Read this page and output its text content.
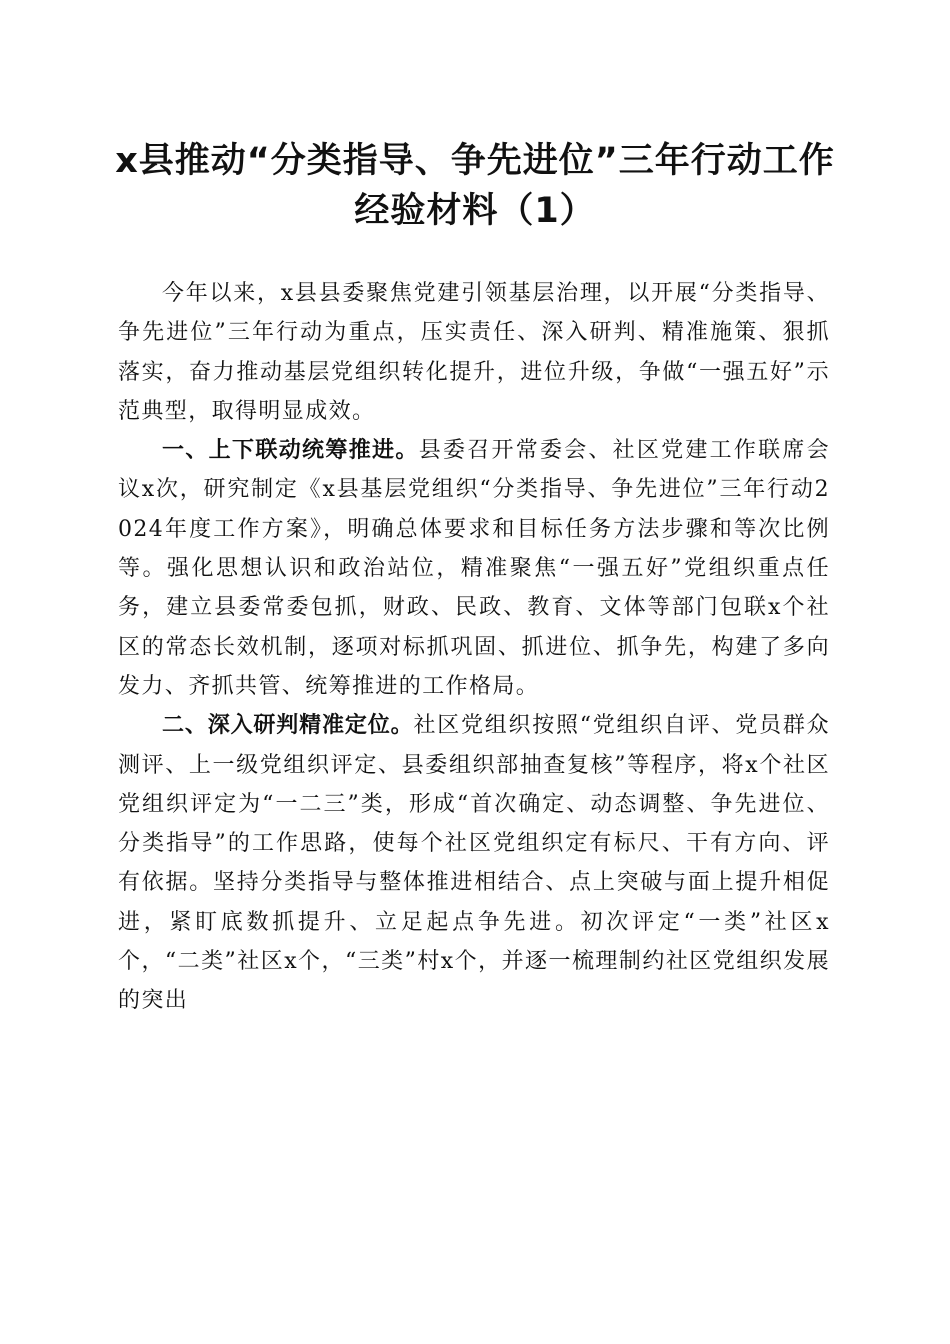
x县推动“分类指导、争先进位”三年行动工作经验材料（1）

今年以来，x县县委聚焦党建引领基层治理，以开展“分类指导、争先进位”三年行动为重点，压实责任、深入研判、精准施策、狠抓落实，奋力推动基层党组织转化提升，进位升级，争做“一强五好”示范典型，取得明显成效。

一、上下联动统筹推进。县委召开常委会、社区党建工作联席会议x次，研究制定《x县基层党组织“分类指导、争先进位”三年行动2024年度工作方案》，明确总体要求和目标任务方法步骤和等次比例等。强化思想认识和政治站位，精准聚焦“一强五好”党组织重点任务，建立县委常委包抓，财政、民政、教育、文体等部门包联x个社区的常态长效机制，逐项对标抓巩固、抓进位、抓争先，构建了多向发力、齐抓共管、统筹推进的工作格局。

二、深入研判精准定位。社区党组织按照“党组织自评、党员群众测评、上一级党组织评定、县委组织部抽查复核”等程序，将x个社区党组织评定为“一二三”类，形成“首次确定、动态调整、争先进位、分类指导”的工作思路，使每个社区党组织定有标尺、干有方向、评有依据。坚持分类指导与整体推进相结合、点上突破与面上提升相促进，紧盯底数抓提升、立足起点争先进。初次评定“一类”社区x个，“二类”社区x个，“三类”村x个，并逐一梳理制约社区党组织发展的突出
